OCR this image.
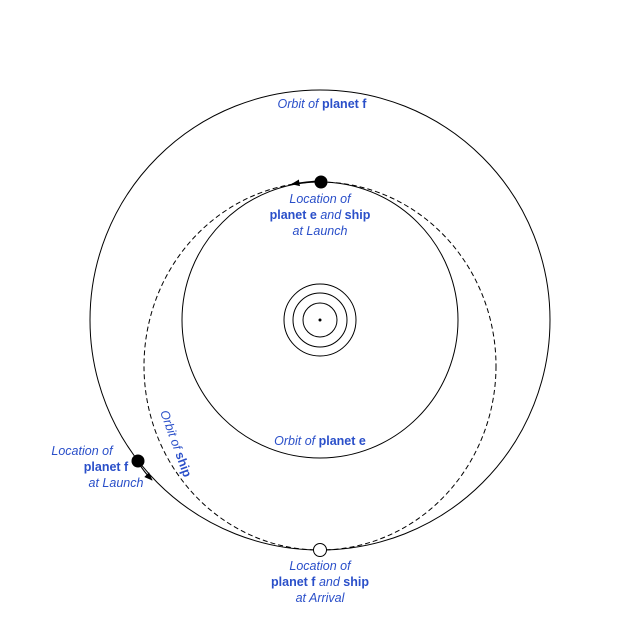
Orbit of planet f
Location of
planet e and ship
at Launch
Orbit of planet e
Orbit of ship
Location of
planet f
at Launch
Location of
planet f and ship
at Arrival
